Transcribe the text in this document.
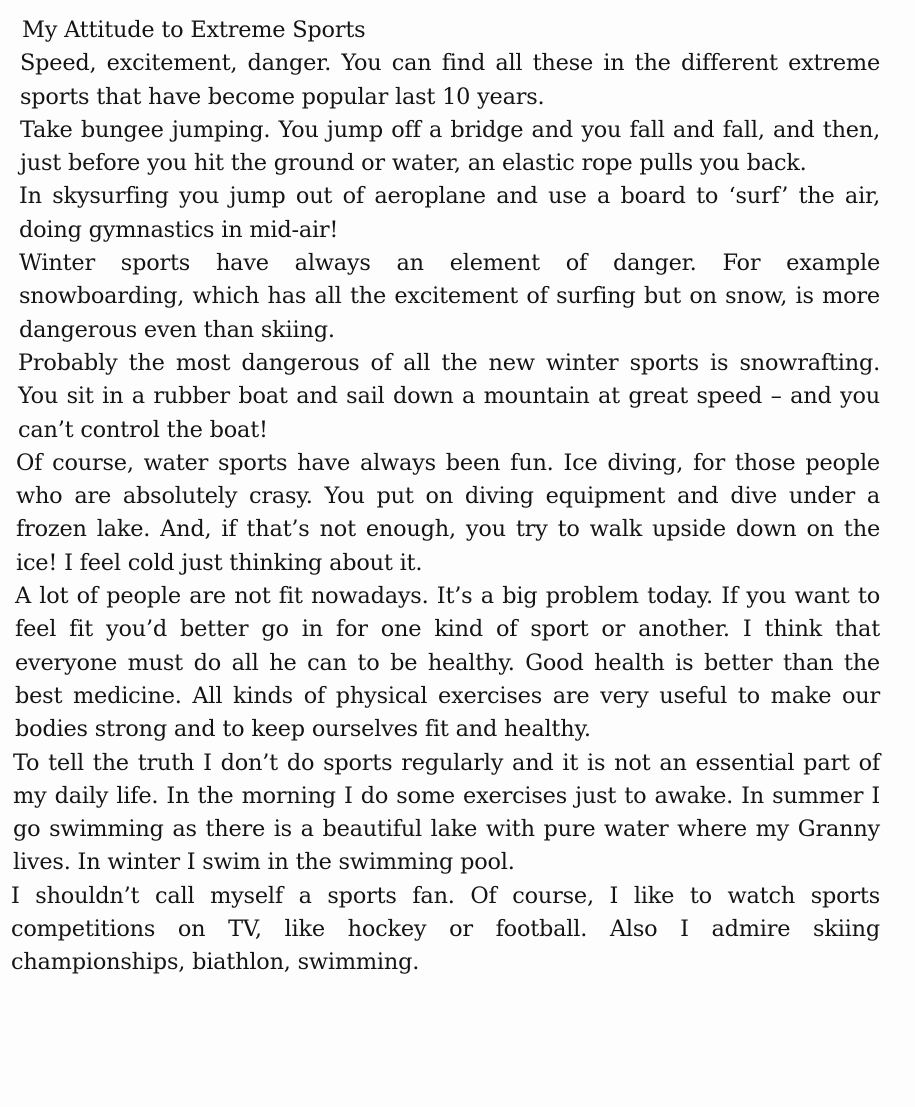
My Attitude to Extreme Sports

Speed, excitement, danger. You can find all these in the different extreme sports that have become popular last 10 years.

Take bungee jumping. You jump off a bridge and you fall and fall, and then, just before you hit the ground or water, an elastic rope pulls you back.

In skysurfing you jump out of aeroplane and use a board to ‘surf’ the air, doing gymnastics in mid-air!

Winter sports have always an element of danger. For example snowboarding, which has all the excitement of surfing but on snow, is more dangerous even than skiing.

Probably the most dangerous of all the new winter sports is snowrafting. You sit in a rubber boat and sail down a mountain at great speed – and you can’t control the boat!

Of course, water sports have always been fun. Ice diving, for those people who are absolutely crasy. You put on diving equipment and dive under a frozen lake. And, if that’s not enough, you try to walk upside down on the ice! I feel cold just thinking about it.

A lot of people are not fit nowadays. It’s a big problem today. If you want to feel fit you’d better go in for one kind of sport or another. I think that everyone must do all he can to be healthy. Good health is better than the best medicine. All kinds of physical exercises are very useful to make our bodies strong and to keep ourselves fit and healthy.

To tell the truth I don’t do sports regularly and it is not an essential part of my daily life. In the morning I do some exercises just to awake. In summer I go swimming as there is a beautiful lake with pure water where my Granny lives. In winter I swim in the swimming pool.

I shouldn’t call myself a sports fan. Of course, I like to watch sports competitions on TV, like hockey or football. Also I admire skiing championships, biathlon, swimming.
